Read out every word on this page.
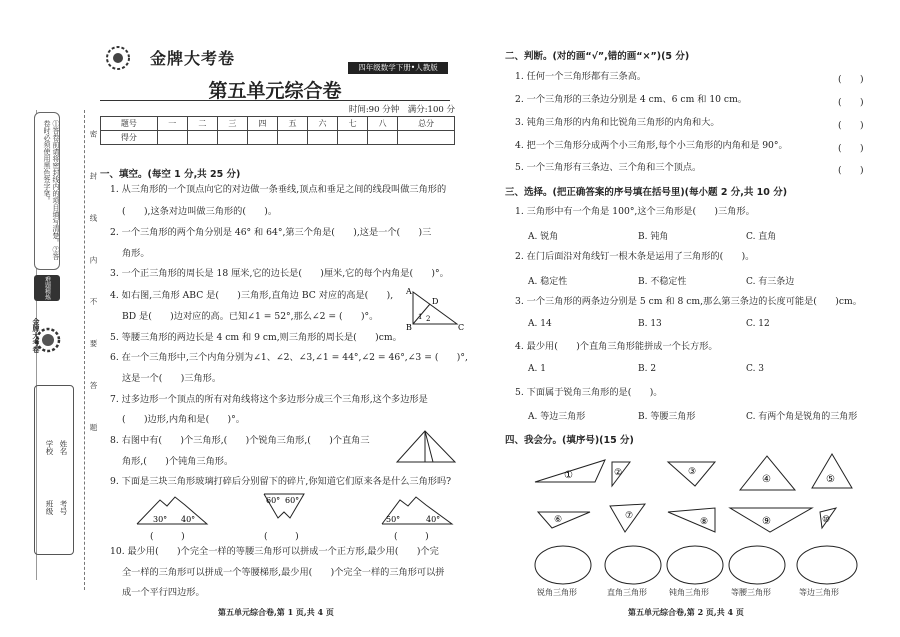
①答卷前请将密封线内的项目填写清楚。②答卷时必须使用黑色签字笔。
难题精炼
金牌大考卷
学校 姓名
班级 考号
密 封 线 内 不 要 答 题
金牌大考卷	四年级数学下册•人教版
第五单元综合卷
时间:90 分钟　满分:100 分
题号	一	二	三	四	五	六	七	八	总分
得分									
一、填空。(每空 1 分,共 25 分)
1. 从三角形的一个顶点向它的对边做一条垂线,顶点和垂足之间的线段叫做三角形的
(　　),这条对边叫做三角形的(　　)。
2. 一个三角形的两个角分别是 46° 和 64°,第三个角是(　　),这是一个(　　)三
角形。
3. 一个正三角形的周长是 18 厘米,它的边长是(　　)厘米,它的每个内角是(　　)°。
4. 如右图,三角形 ABC 是(　　)三角形,直角边 BC 对应的高是(　　),
BD 是(　　)边对应的高。已知∠1 = 52°,那么∠2 = (　　)°。
A
D
1 2
B	C
5. 等腰三角形的两边长是 4 cm 和 9 cm,则三角形的周长是(　　)cm。
6. 在一个三角形中,三个内角分别为∠1、∠2、∠3,∠1 = 44°,∠2 = 46°,∠3 = (　　)°,
这是一个(　　)三角形。
7. 过多边形一个顶点的所有对角线将这个多边形分成三个三角形,这个多边形是
(　　)边形,内角和是(　　)°。
8. 右图中有(　　)个三角形,(　　)个锐角三角形,(　　)个直角三
角形,(　　)个钝角三角形。
9. 下面是三块三角形玻璃打碎后分别留下的碎片,你知道它们原来各是什么三角形吗?
30° 40°
60° 60°
50°	40°
(　　　)	(　　　)	(　　　)
10. 最少用(　　)个完全一样的等腰三角形可以拼成一个正方形,最少用(　　)个完
全一样的三角形可以拼成一个等腰梯形,最少用(　　)个完全一样的三角形可以拼
成一个平行四边形。
第五单元综合卷,第 1 页,共 4 页
二、判断。(对的画“√”,错的画“×”)(5 分)
1. 任何一个三角形都有三条高。	(　　)
2. 一个三角形的三条边分别是 4 cm、6 cm 和 10 cm。	(　　)
3. 钝角三角形的内角和比锐角三角形的内角和大。	(　　)
4. 把一个三角形分成两个小三角形,每个小三角形的内角和是 90°。	(　　)
5. 一个三角形有三条边、三个角和三个顶点。	(　　)
三、选择。(把正确答案的序号填在括号里)(每小题 2 分,共 10 分)
1. 三角形中有一个角是 100°,这个三角形是(　　)三角形。
A. 锐角	B. 钝角	C. 直角
2. 在门后面沿对角线钉一根木条是运用了三角形的(　　)。
A. 稳定性	B. 不稳定性	C. 有三条边
3. 一个三角形的两条边分别是 5 cm 和 8 cm,那么第三条边的长度可能是(　　)cm。
A. 14	B. 13	C. 12
4. 最少用(　　)个直角三角形能拼成一个长方形。
A. 1	B. 2	C. 3
5. 下面属于锐角三角形的是(　　)。
A. 等边三角形	B. 等腰三角形	C. 有两个角是锐角的三角形
四、我会分。(填序号)(15 分)
①	②	③
④	⑤
⑥	⑦
⑧	⑨	⑩
锐角三角形	直角三角形	钝角三角形	等腰三角形	等边三角形
第五单元综合卷,第 2 页,共 4 页
